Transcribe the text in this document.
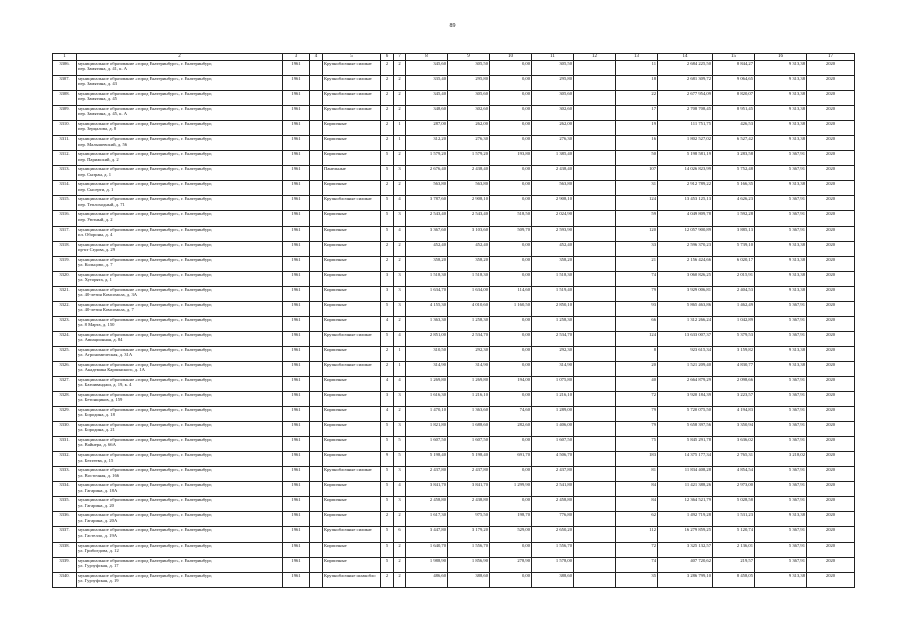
89
1	2	3	4	5	6	7	8	9	10	11	12	13	14	15	16	17
3306.	муниципальное образование «город Екатеринбург», г. Екатеринбург,
пер. Замятина, д. 41, к. А	1961		Крупноблочные силикат	2	2	345,60	305,50	0,00	305,50		11	2 684 225,50	8 844,27	9 313,38	2020
3307.	муниципальное образование «город Екатеринбург», г. Екатеринбург,
пер. Замятина, д. 43	1961		Крупноблочные силикат	2	2	335,40	295,80	0,00	295,80		18	2 681 309,72	9 064,65	9 313,38	2020
3308.	муниципальное образование «город Екатеринбург», г. Екатеринбург,
пер. Замятина, д. 45	1961		Крупноблочные силикат	2	2	345,40	305,60	0,00	305,60		22	2 677 954,09	8 820,07	9 313,38	2020
3309.	муниципальное образование «город Екатеринбург», г. Екатеринбург,
пер. Замятина, д. 45, к. А	1961		Крупноблочные силикат	2	2	348,60	302,60	0,00	302,60		17	2 708 708,45	8 951,45	9 313,38	2020
3310.	муниципальное образование «город Екатеринбург», г. Екатеринбург,
пер. Зерцалова, д. 8	1961		Кирпичные	2	1	287,00	262,00	0,00	262,00		19	111 751,75	426,53	9 313,38	2020
3311.	муниципальное образование «город Екатеринбург», г. Екатеринбург,
пер. Малышевский, д. 56	1961		Кирпичные	2	1	312,20	276,30	0,00	276,30		16	1 802 527,02	6 527,42	9 313,38	2020
3312.	муниципальное образование «город Екатеринбург», г. Екатеринбург,
пер. Парижский, д. 2	1961		Кирпичные	5	2	1 579,20	1 579,20	193,80	1 385,40		50	5 198 581,19	3 283,58	5 367,91	2020
3313.	муниципальное образование «город Екатеринбург», г. Екатеринбург,
пер. Сызран, д. 1	1961		Панельные	5	3	2 676,40	2 438,40	0,00	2 438,40		107	14 026 823,99	5 752,48	5 367,91	2020
3314.	муниципальное образование «город Екатеринбург», г. Екатеринбург,
пер. Сысерти, д. 1	1961		Кирпичные	2	2	563,80	563,80	0,00	563,80		31	2 912 789,22	5 166,35	9 313,38	2020
3315.	муниципальное образование «город Екатеринбург», г. Екатеринбург,
пер. Теплоходный, д. 71	1961		Крупноблочные силикат	5	4	3 787,60	2 908,10	0,00	2 908,10		124	13 453 125,13	4 626,23	5 367,91	2020
3316.	муниципальное образование «город Екатеринбург», г. Екатеринбург,
пер. Уютный, д. 2	1961		Кирпичные	5	3	2 543,40	2 543,40	518,50	2 024,90		59	4 049 809,78	1 592,28	5 367,91	2020
3317.	муниципальное образование «город Екатеринбург», г. Екатеринбург,
пл. Обороны, д. 4	1961		Кирпичные	5	4	3 367,60	3 103,60	509,70	2 593,90		120	12 057 900,89	3 885,13	5 367,91	2020
3318.	муниципальное образование «город Екатеринбург», г. Екатеринбург,
пр-кт Седова, д. 29	1961		Кирпичные	2	2	452,40	452,40	0,00	452,40		33	2 596 370,23	5 739,10	9 313,38	2020
3319.	муниципальное образование «город Екатеринбург», г. Екатеринбург,
ул. Кольцово, д. 7	1961		Кирпичные	2	2	358,20	358,20	0,00	358,20		21	2 156 424,66	6 020,17	9 313,38	2020
3320.	муниципальное образование «город Екатеринбург», г. Екатеринбург,
ул. Хуторята, д. 1	1961		Кирпичные	3	3	1 518,30	1 518,30	0,00	1 518,30		74	3 060 826,25	2 015,91	9 313,38	2020
3321.	муниципальное образование «город Екатеринбург», г. Екатеринбург,
ул. 40-летия Комсомола, д. 3А	1961		Кирпичные	3	3	1 634,70	1 634,00	114,60	1 519,40		79	3 929 006,81	2 404,53	9 313,38	2020
3322.	муниципальное образование «город Екатеринбург», г. Екатеринбург,
ул. 40-летия Комсомола, д. 7	1961		Кирпичные	5	3	4 155,30	4 010,60	1 160,50	2 850,10		93	5 865 463,86	1 462,49	5 367,91	2020
3323.	муниципальное образование «город Екатеринбург», г. Екатеринбург,
ул. 8 Марта, д. 150	1961		Кирпичные	4	2	1 363,30	1 258,30	0,00	1 258,30		66	1 312 266,24	1 042,89	5 367,91	2020
3324.	муниципальное образование «город Екатеринбург», г. Екатеринбург,
ул. Авиационная, д. 84	1961		Крупноблочные силикат	5	4	2 851,00	2 534,70	0,00	2 534,70		124	13 633 007,37	5 379,53	5 367,91	2020
3325.	муниципальное образование «город Екатеринбург», г. Екатеринбург,
ул. Агрономическая, д. 31А	1961		Кирпичные	2	1	310,50	292,30	0,00	292,30		8	923 615,34	3 159,82	9 313,38	2020
3326.	муниципальное образование «город Екатеринбург», г. Екатеринбург,
ул. Академика Карпинского, д. 1А	1961		Крупноблочные силикат	2	1	314,90	314,90	0,00	314,90		20	1 521 209,40	4 830,77	9 313,38	2020
3327.	муниципальное образование «город Екатеринбург», г. Екатеринбург,
ул. Бахчиванджи, д. 19, к. 4	1961		Кирпичные	4	4	1 269,80	1 269,80	194,00	1 075,80		40	2 664 879,29	2 098,66	5 367,91	2020
3328.	муниципальное образование «город Екатеринбург», г. Екатеринбург,
ул. Бетонщиков, д. 159	1961		Кирпичные	3	3	1 616,30	1 216,10	0,00	1 216,10		72	3 920 184,39	3 223,57	5 367,91	2020
3329.	муниципальное образование «город Екатеринбург», г. Екатеринбург,
ул. Бородина, д. 18	1961		Кирпичные	4	2	1 470,10	1 363,60	74,60	1 289,00		79	5 720 075,50	4 194,83	5 367,91	2020
3330.	муниципальное образование «город Екатеринбург», г. Екатеринбург,
ул. Бородина, д. 21	1961		Кирпичные	5	3	1 821,80	1 688,60	282,60	1 406,00		79	5 658 397,56	3 350,94	5 367,91	2020
3331.	муниципальное образование «город Екатеринбург», г. Екатеринбург,
ул. Вайнера, д. 66А	1961		Кирпичные	5	5	1 607,50	1 607,50	0,00	1 607,50		75	5 845 291,78	3 636,02	5 367,91	2020
3332.	муниципальное образование «город Екатеринбург», г. Екатеринбург,
ул. Бехтеева, д. 15	1961		Кирпичные	9	5	5 198,40	5 198,40	691,70	4 506,70		183	14 375 177,34	2 765,31	3 218,02	2020
3333.	муниципальное образование «город Екатеринбург», г. Екатеринбург,
ул. Восточная, д. 166	1961		Крупноблочные силикат	5	3	2 437,80	2 437,80	0,00	2 437,80		81	11 834 408,28	4 854,54	5 367,91	2020
3334.	муниципальное образование «город Екатеринбург», г. Екатеринбург,
ул. Гагарина, д. 18А	1961		Кирпичные	5	4	3 841,70	3 841,70	1 299,90	2 541,80		84	11 421 388,26	2 973,00	5 367,91	2020
3335.	муниципальное образование «город Екатеринбург», г. Екатеринбург,
ул. Гагарина, д. 20	1961		Кирпичные	5	3	2 458,80	2 438,80	0,00	2 458,80		84	12 364 521,79	5 028,58	5 367,91	2020
3336.	муниципальное образование «город Екатеринбург», г. Екатеринбург,
ул. Гагарина, д. 20А	1961		Кирпичные	2	2	1 617,30	975,50	198,70	776,80		62	1 492 719,28	1 531,23	9 313,38	2020
3337.	муниципальное образование «город Екатеринбург», г. Екатеринбург,
ул. Гастелло, д. 19А	1961		Крупноблочные силикат	5	6	3 447,80	3 179,20	529,00	2 650,20		112	16 279 859,25	5 120,74	5 367,91	2020
3338.	муниципальное образование «город Екатеринбург», г. Екатеринбург,
ул. Грибоедова, д. 12	1961		Кирпичные	5	2	1 640,70	1 556,70	0,00	1 556,70		72	3 325 132,57	2 136,01	5 367,91	2020
3339.	муниципальное образование «город Екатеринбург», г. Екатеринбург,
ул. Гурзуфская, д. 17	1961		Кирпичные	5	2	1 988,90	1 856,90	278,90	1 578,00		74	407 720,62	219,57	5 367,91	2020
3340.	муниципальное образование «город Екатеринбург», г. Екатеринбург,
ул. Гурзуфская, д. 19	1961		Крупноблочные шлакобло	2	2	486,60	388,60	0,00	388,60		35	3 286 799,10	8 458,05	9 313,38	2020
